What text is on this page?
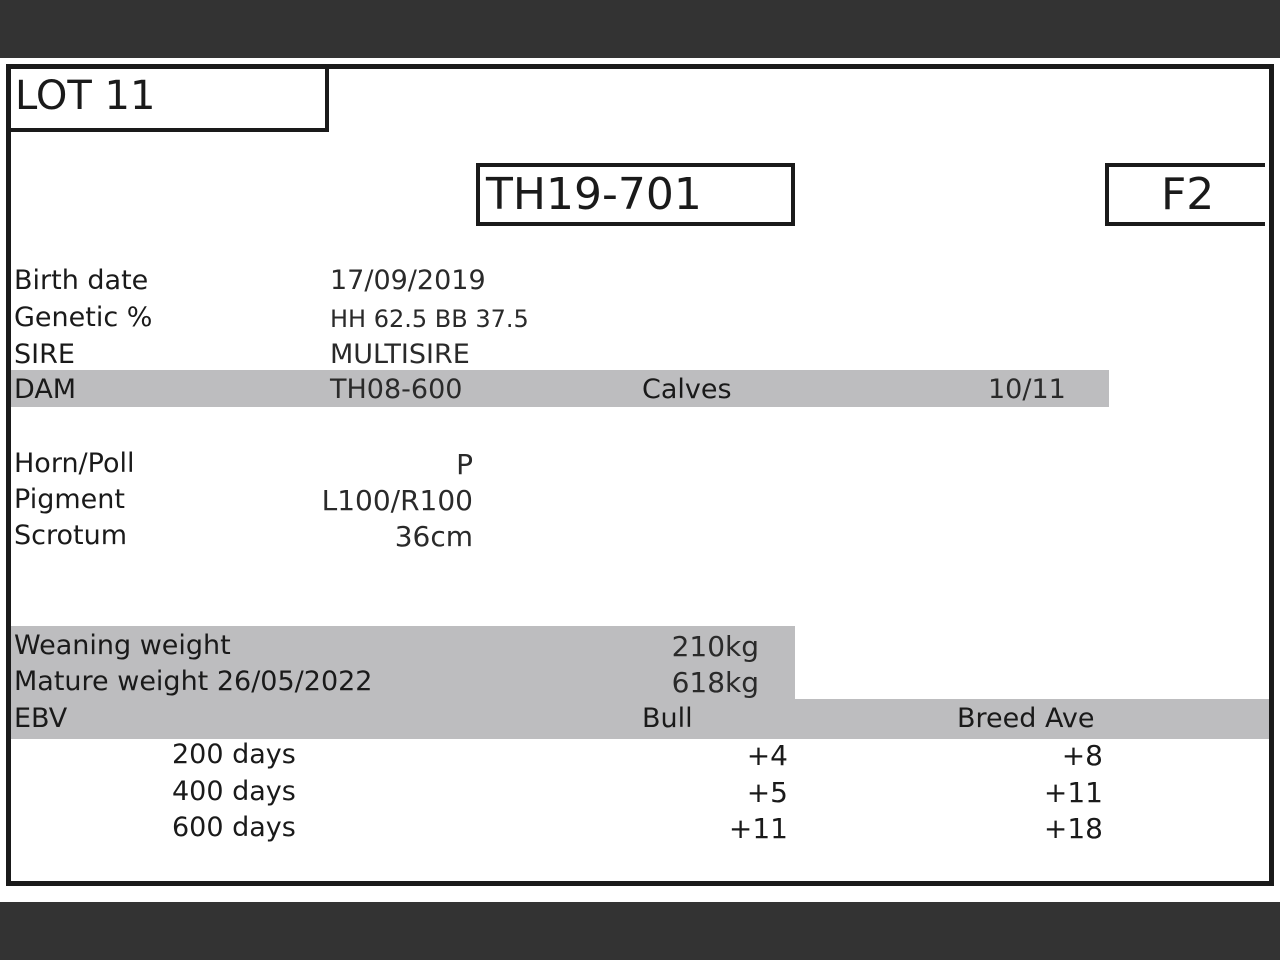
LOT 11
TH19-701	F2
Birth date	17/09/2019
Genetic %	HH 62.5 BB 37.5
SIRE	MULTISIRE
DAM	TH08-600	Calves	10/11
Horn/Poll	P
Pigment	L100/R100
Scrotum	36cm
Weaning weight	210kg
Mature weight 26/05/2022	618kg
EBV	Bull	Breed Ave
200 days	+4	+8
400 days	+5	+11
600 days	+11	+18
